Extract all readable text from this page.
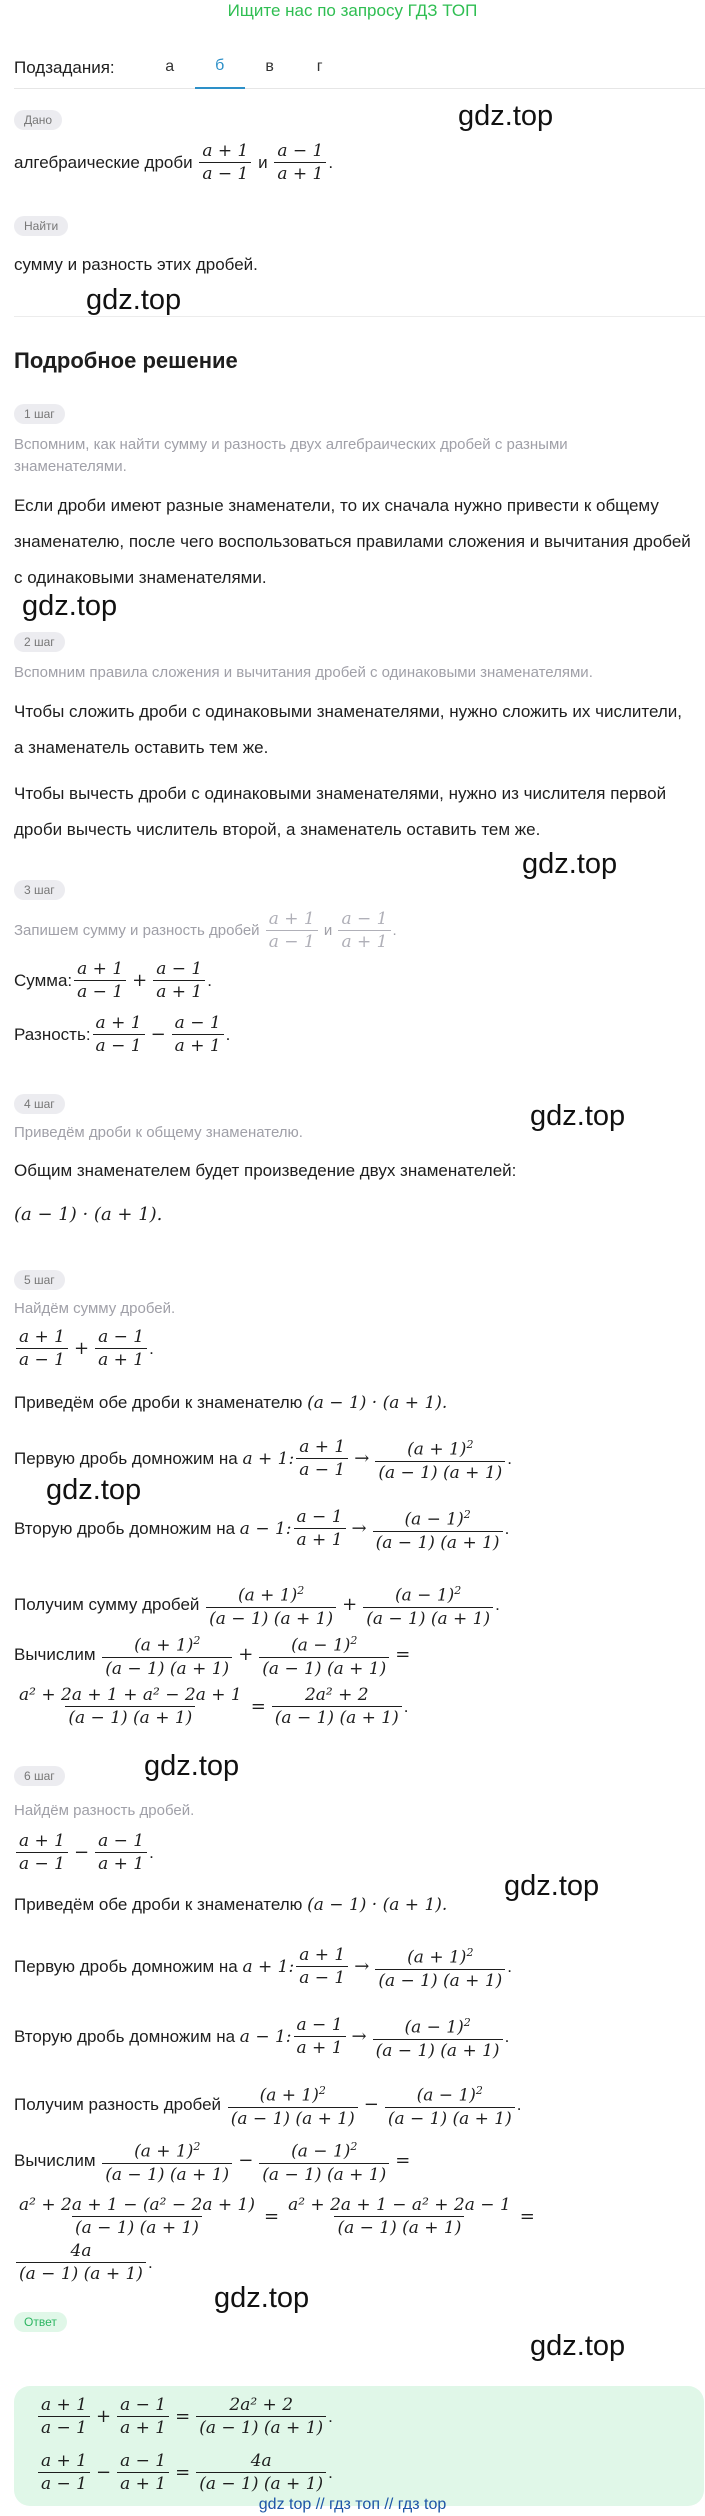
Ищите нас по запросу ГДЗ ТОП
Подзадания:	а	б	в	г
Дано	gdz.top
алгебраические дроби
$\frac{a + 1}{a - 1}$
и
$\frac{a - 1}{a + 1}$ .
Найти
сумму и разность этих дробей.
gdz.top
Подробное решение
1 шаг
Вспомним, как найти сумму и разность двух алгебраических дробей с разными знаменателями.
Если дроби имеют разные знаменатели, то их сначала нужно привести к общему знаменателю, после чего воспользоваться правилами сложения и вычитания дробей с одинаковыми знаменателями.
gdz.top
2 шаг
Вспомним правила сложения и вычитания дробей с одинаковыми знаменателями.
Чтобы сложить дроби с одинаковыми знаменателями, нужно сложить их числители, а знаменатель оставить тем же.
Чтобы вычесть дроби с одинаковыми знаменателями, нужно из числителя первой дроби вычесть числитель второй, а знаменатель оставить тем же.
gdz.top
3 шаг
Запишем сумму и разность дробей
$\frac{a + 1}{a - 1}$
и
$\frac{a - 1}{a + 1}$ .
Сумма: $\frac{a + 1}{a - 1} + \frac{a - 1}{a + 1}$ .
Разность: $\frac{a + 1}{a - 1} - \frac{a - 1}{a + 1}$ .
4 шаг	gdz.top
Приведём дроби к общему знаменателю.
Общим знаменателем будет произведение двух знаменателей:
(a − 1) · (a + 1).
5 шаг
Найдём сумму дробей.
$\frac{a + 1}{a - 1} + \frac{a - 1}{a + 1}$ .
Приведём обе дроби к знаменателю
(a − 1) · (a + 1).
Первую дробь домножим на
a + 1: $\frac{a + 1}{a - 1} \to \frac{(a + 1)^2}{(a - 1) (a + 1)}$ .
gdz.top
Вторую дробь домножим на
a − 1: $\frac{a - 1}{a + 1} \to \frac{(a - 1)^2}{(a - 1) (a + 1)}$ .
Получим сумму дробей
$\frac{(a + 1)^2}{(a - 1) (a + 1)} + \frac{(a - 1)^2}{(a - 1) (a + 1)}$ .
Вычислим
$\frac{(a + 1)^2}{(a - 1) (a + 1)} + \frac{(a - 1)^2}{(a - 1) (a + 1)}$ =
$\frac{\text{a² + 2a + 1 + a² − 2a + 1}}{(a - 1) (a + 1)} = \frac{\text{2a² + 2}}{(a - 1) (a + 1)}$ .
gdz.top
6 шаг
Найдём разность дробей.
$\frac{a + 1}{a - 1} - \frac{a - 1}{a + 1}$ .
gdz.top
Приведём обе дроби к знаменателю
(a − 1) · (a + 1).
Первую дробь домножим на
a + 1: $\frac{a + 1}{a - 1} \to \frac{(a + 1)^2}{(a - 1) (a + 1)}$ .
Вторую дробь домножим на
a − 1: $\frac{a - 1}{a + 1} \to \frac{(a - 1)^2}{(a - 1) (a + 1)}$ .
Получим разность дробей
$\frac{(a + 1)^2}{(a - 1) (a + 1)} - \frac{(a - 1)^2}{(a - 1) (a + 1)}$ .
Вычислим
$\frac{(a + 1)^2}{(a - 1) (a + 1)} - \frac{(a - 1)^2}{(a - 1) (a + 1)}$ =
$\frac{\text{a² + 2a + 1 − (a² − 2a + 1)}}{(a - 1) (a + 1)} = \frac{\text{a² + 2a + 1 − a² + 2a − 1}}{(a - 1) (a + 1)}$ =
$\frac{4a}{(a - 1) (a + 1)}$ .
gdz.top
Ответ
gdz.top
$\frac{a + 1}{a - 1} + \frac{a - 1}{a + 1} = \frac{\text{2a² + 2}}{(a - 1) (a + 1)}$ .
$\frac{a + 1}{a - 1} - \frac{a - 1}{a + 1} = \frac{4a}{(a - 1) (a + 1)}$ .
gdz top // гдз топ // гдз top
